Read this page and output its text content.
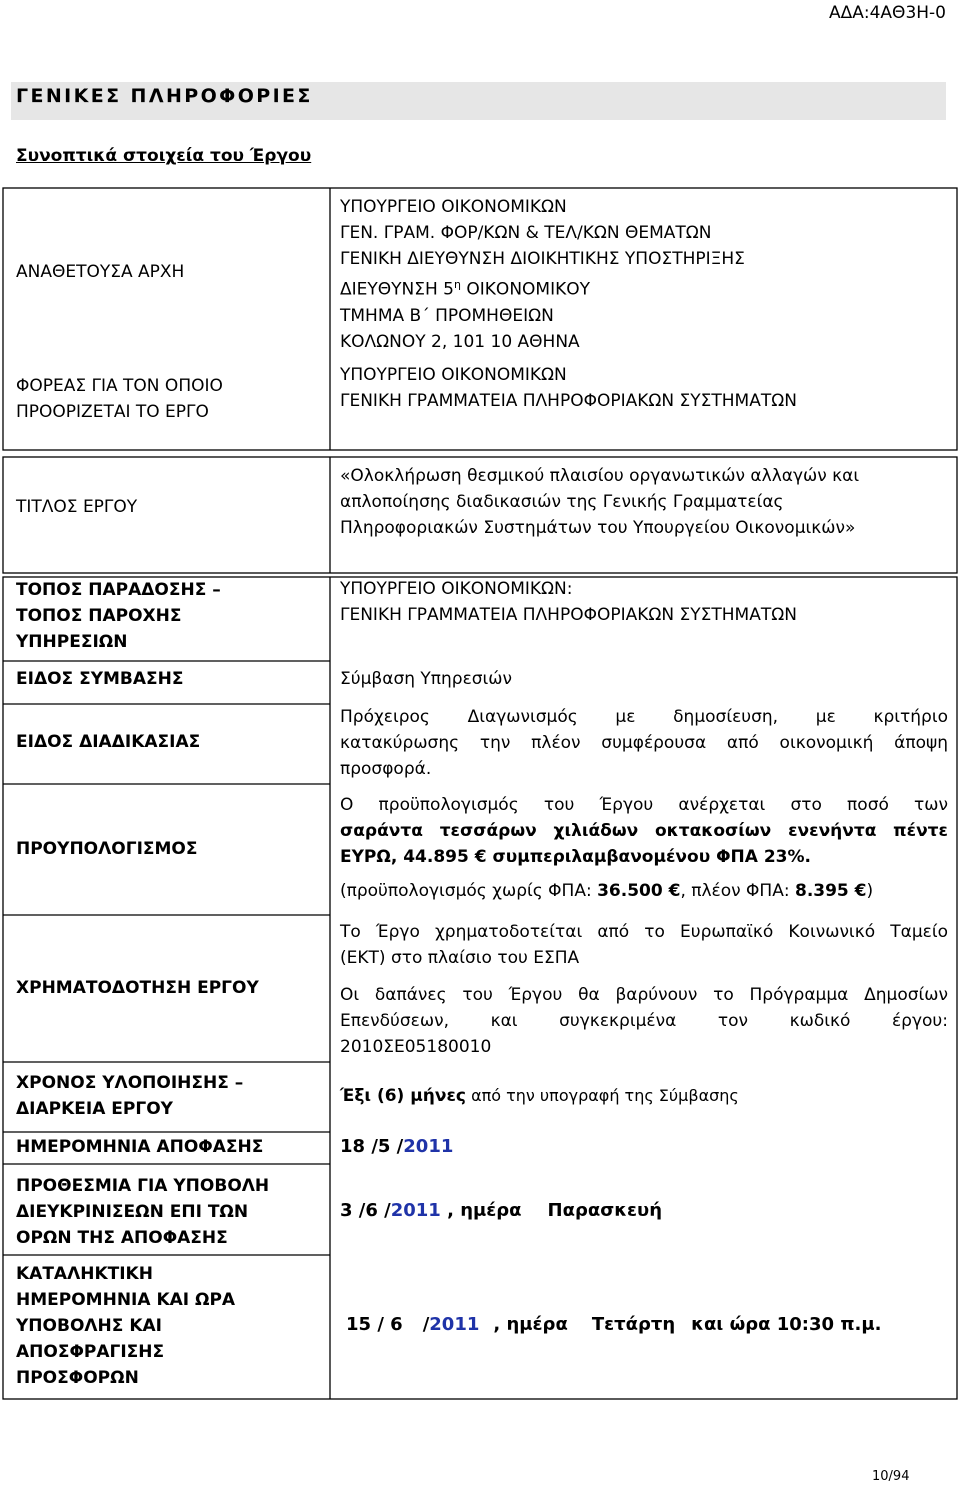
ΑΔΑ:4ΑΘ3Η-0
ΓΕΝΙΚΕΣ ΠΛΗΡΟΦΟΡΙΕΣ
Συνοπτικά στοιχεία του Έργου
ΑΝΑΘΕΤΟΥΣΑ ΑΡΧΗ
ΥΠΟΥΡΓΕΙΟ ΟΙΚΟΝΟΜΙΚΩΝ
ΓΕΝ. ΓΡΑΜ. ΦΟΡ/ΚΩΝ & ΤΕΛ/ΚΩΝ ΘΕΜΑΤΩΝ
ΓΕΝΙΚΗ ΔΙΕΥΘΥΝΣΗ ΔΙΟΙΚΗΤΙΚΗΣ ΥΠΟΣΤΗΡΙΞΗΣ
ΔΙΕΥΘΥΝΣΗ $5^\eta$ ΟΙΚΟΝΟΜΙΚΟΥ
ΤΜΗΜΑ Β΄ ΠΡΟΜΗΘΕΙΩΝ
ΚΟΛΩΝΟΥ 2, 101 10 ΑΘΗΝΑ
ΦΟΡΕΑΣ ΓΙΑ ΤΟΝ ΟΠΟΙΟ
ΠΡΟΟΡΙΖΕΤΑΙ ΤΟ ΕΡΓΟ
ΥΠΟΥΡΓΕΙΟ ΟΙΚΟΝΟΜΙΚΩΝ
ΓΕΝΙΚΗ ΓΡΑΜΜΑΤΕΙΑ ΠΛΗΡΟΦΟΡΙΑΚΩΝ ΣΥΣΤΗΜΑΤΩΝ
ΤΙΤΛΟΣ ΕΡΓΟΥ
«Ολοκλήρωση θεσμικού πλαισίου οργανωτικών αλλαγών και
απλοποίησης διαδικασιών της Γενικής Γραμματείας
Πληροφοριακών Συστημάτων του Υπουργείου Οικονομικών»
ΤΟΠΟΣ ΠΑΡΑΔΟΣΗΣ –
ΤΟΠΟΣ ΠΑΡΟΧΗΣ
ΥΠΗΡΕΣΙΩΝ
ΥΠΟΥΡΓΕΙΟ ΟΙΚΟΝΟΜΙΚΩΝ:
ΓΕΝΙΚΗ ΓΡΑΜΜΑΤΕΙΑ ΠΛΗΡΟΦΟΡΙΑΚΩΝ ΣΥΣΤΗΜΑΤΩΝ
ΕΙΔΟΣ ΣΥΜΒΑΣΗΣ	Σύμβαση Υπηρεσιών
ΕΙΔΟΣ ΔΙΑΔΙΚΑΣΙΑΣ
Πρόχειρος Διαγωνισμός με δημοσίευση, με κριτήριο
κατακύρωσης την πλέον συμφέρουσα από οικονομική άποψη
προσφορά.
ΠΡΟΥΠΟΛΟΓΙΣΜΟΣ
Ο προϋπολογισμός του Έργου ανέρχεται στο ποσό των
σαράντα τεσσάρων χιλιάδων οκτακοσίων ενενήντα πέντε
ΕΥΡΩ, 44.895 € συμπεριλαμβανομένου ΦΠΑ 23%.
(προϋπολογισμός χωρίς ΦΠΑ: 36.500 €, πλέον ΦΠΑ: 8.395 €)
ΧΡΗΜΑΤΟΔΟΤΗΣΗ ΕΡΓΟΥ
Το Έργο χρηματοδοτείται από το Ευρωπαϊκό Κοινωνικό Ταμείο
(ΕΚΤ) στο πλαίσιο του ΕΣΠΑ
Οι δαπάνες του Έργου θα βαρύνουν το Πρόγραμμα Δημοσίων
Επενδύσεων, και συγκεκριμένα τον κωδικό έργου:
2010ΣΕ05180010
ΧΡΟΝΟΣ ΥΛΟΠΟΙΗΣΗΣ –
ΔΙΑΡΚΕΙΑ ΕΡΓΟΥ
Έξι (6) μήνες από την υπογραφή της Σύμβασης
ΗΜΕΡΟΜΗΝΙΑ ΑΠΟΦΑΣΗΣ	18 /5 /2011
ΠΡΟΘΕΣΜΙΑ ΓΙΑ ΥΠΟΒΟΛΗ
ΔΙΕΥΚΡΙΝΙΣΕΩΝ ΕΠΙ ΤΩΝ
ΟΡΩΝ ΤΗΣ ΑΠΟΦΑΣΗΣ
3 /6 /2011 , ημέρα Παρασκευή
ΚΑΤΑΛΗΚΤΙΚΗ
ΗΜΕΡΟΜΗΝΙΑ ΚΑΙ ΩΡΑ
ΥΠΟΒΟΛΗΣ ΚΑΙ
ΑΠΟΣΦΡΑΓΙΣΗΣ
ΠΡΟΣΦΟΡΩΝ
15 / 6 /2011 , ημέρα Τετάρτη και ώρα 10:30 π.μ.
10/94
